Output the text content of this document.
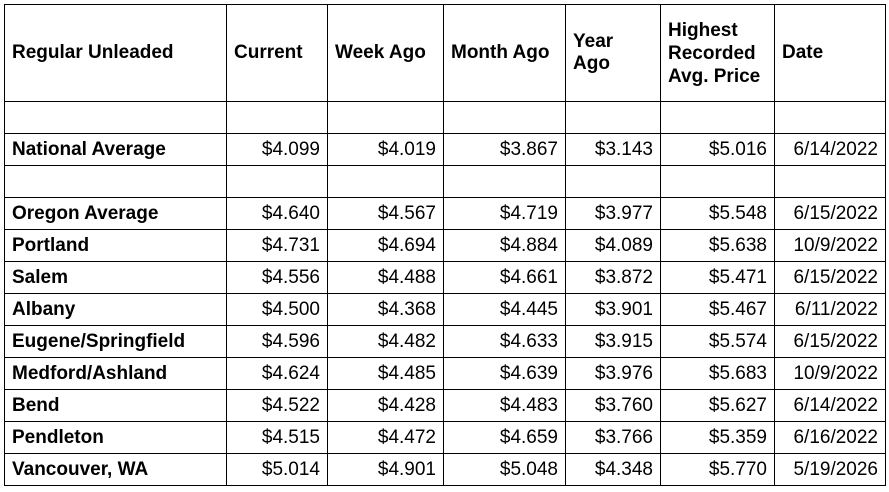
Regular Unleaded	Current	Week Ago	Month Ago	Year Ago	Highest Recorded Avg. Price	Date

National Average	$4.099	$4.019	$3.867	$3.143	$5.016	6/14/2022

Oregon Average	$4.640	$4.567	$4.719	$3.977	$5.548	6/15/2022
Portland	$4.731	$4.694	$4.884	$4.089	$5.638	10/9/2022
Salem	$4.556	$4.488	$4.661	$3.872	$5.471	6/15/2022
Albany	$4.500	$4.368	$4.445	$3.901	$5.467	6/11/2022
Eugene/Springfield	$4.596	$4.482	$4.633	$3.915	$5.574	6/15/2022
Medford/Ashland	$4.624	$4.485	$4.639	$3.976	$5.683	10/9/2022
Bend	$4.522	$4.428	$4.483	$3.760	$5.627	6/14/2022
Pendleton	$4.515	$4.472	$4.659	$3.766	$5.359	6/16/2022
Vancouver, WA	$5.014	$4.901	$5.048	$4.348	$5.770	5/19/2026
